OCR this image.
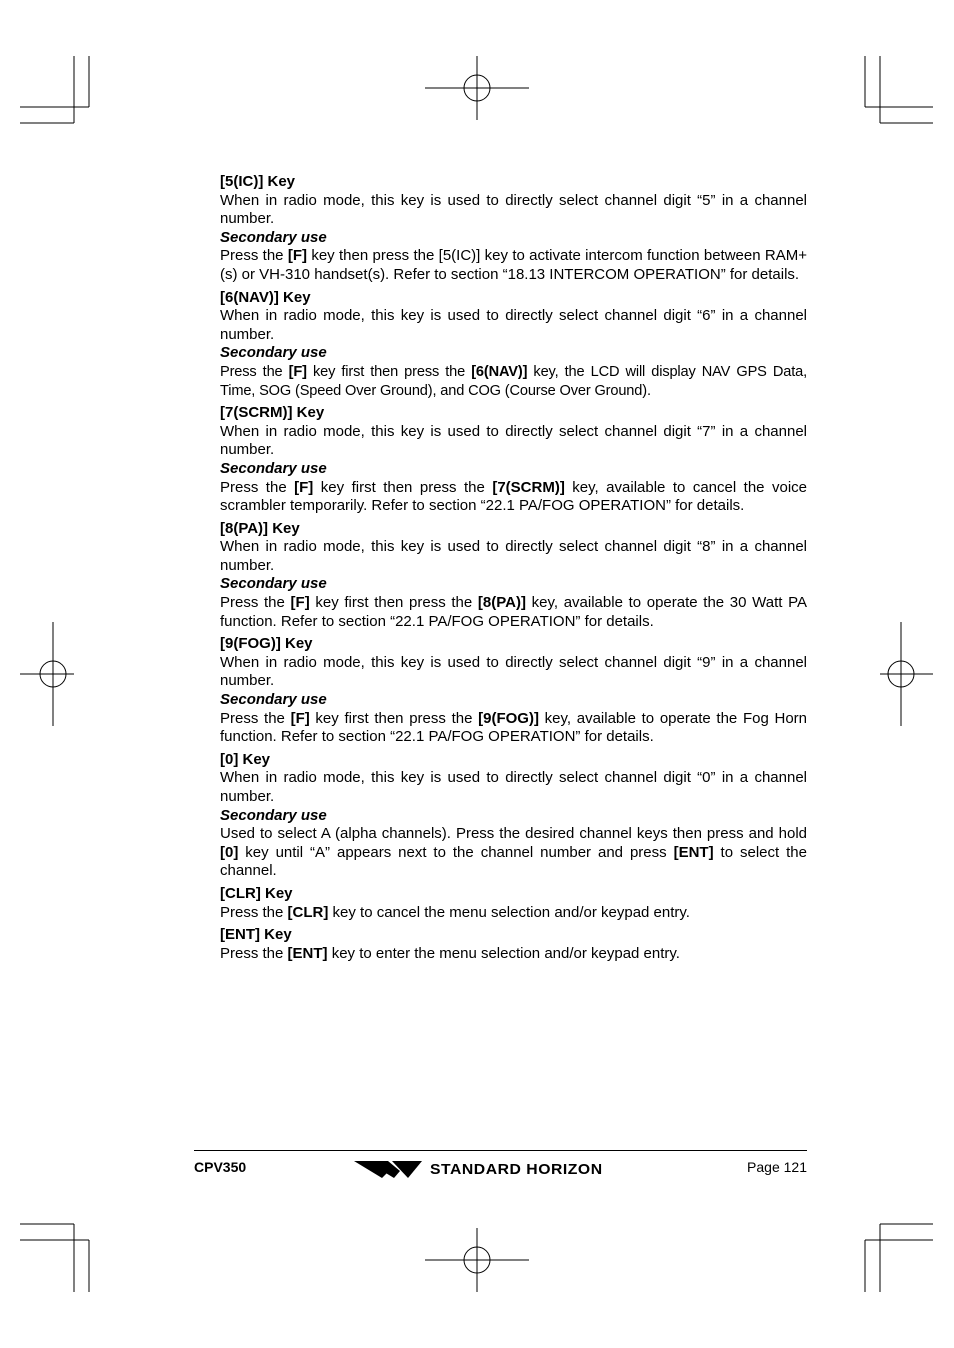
[5(IC)] Key
When in radio mode, this key is used to directly select channel digit “5” in a channel number.
Secondary use
Press the [F] key then press the [5(IC)] key to activate intercom function between RAM+(s) or VH-310 handset(s). Refer to section “18.13 INTERCOM OPERATION” for details.
[6(NAV)] Key
When in radio mode, this key is used to directly select channel digit “6” in a channel number.
Secondary use
Press the [F] key first then press the [6(NAV)] key, the LCD will display NAV GPS Data, Time, SOG (Speed Over Ground), and COG (Course Over Ground).
[7(SCRM)] Key
When in radio mode, this key is used to directly select channel digit “7” in a channel number.
Secondary use
Press the [F] key first then press the [7(SCRM)] key, available to cancel the voice scrambler temporarily. Refer to section “22.1 PA/FOG OPERATION” for details.
[8(PA)] Key
When in radio mode, this key is used to directly select channel digit “8” in a channel number.
Secondary use
Press the [F] key first then press the [8(PA)] key, available to operate the 30 Watt PA function. Refer to section “22.1 PA/FOG OPERATION” for details.
[9(FOG)] Key
When in radio mode, this key is used to directly select channel digit “9” in a channel number.
Secondary use
Press the [F] key first then press the [9(FOG)] key, available to operate the Fog Horn function. Refer to section “22.1 PA/FOG OPERATION” for details.
[0] Key
When in radio mode, this key is used to directly select channel digit “0” in a channel number.
Secondary use
Used to select A (alpha channels). Press the desired channel keys then press and hold [0] key until “A” appears next to the channel number and press [ENT] to select the channel.
[CLR] Key
Press the [CLR] key to cancel the menu selection and/or keypad entry.
[ENT] Key
Press the [ENT] key to enter the menu selection and/or keypad entry.
CPV350	STANDARD HORIZON	Page 121
